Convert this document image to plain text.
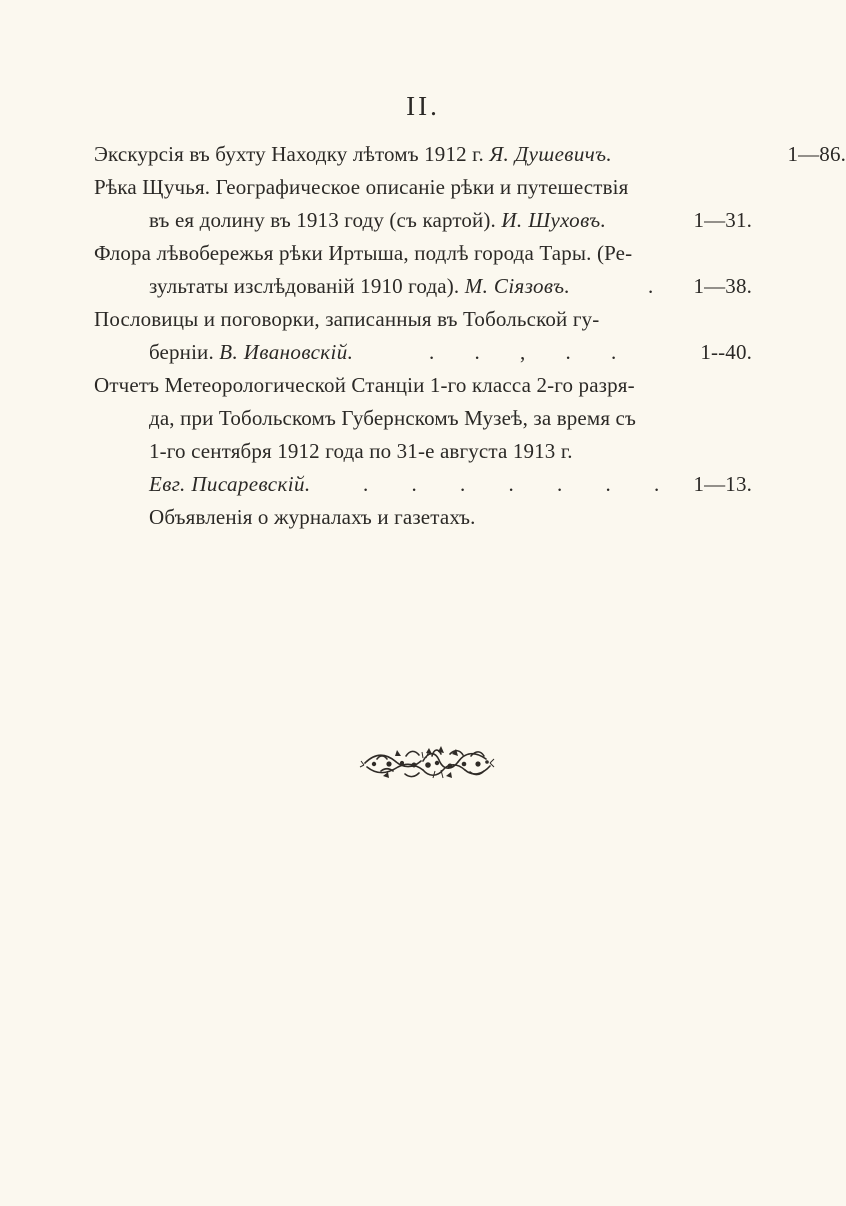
II.
Экскурсія въ бухту Находку лѣтомъ 1912 г. Я. Душевичъ.	1—86.
Рѣка Щучья. Географическое описаніе рѣки и путешествія
въ ея долину въ 1913 году (съ картой). И. Шуховъ.	1—31.
Флора лѣвобережья рѣки Иртыша, подлѣ города Тары. (Ре-
зультаты изслѣдованій 1910 года). М. Сіязовъ.	. 1—38.
Пословицы и поговорки, записанныя въ Тобольской гу-
берніи. В. Ивановскій.	. . , . .	1--40.
Отчетъ Метеорологической Станціи 1-го класса 2-го разря-
да, при Тобольскомъ Губернскомъ Музеѣ, за время съ
1-го сентября 1912 года по 31-е августа 1913 г.
Евг. Писаревскій.	. . . . . . . 1—13.
Объявленія о журналахъ и газетахъ.
